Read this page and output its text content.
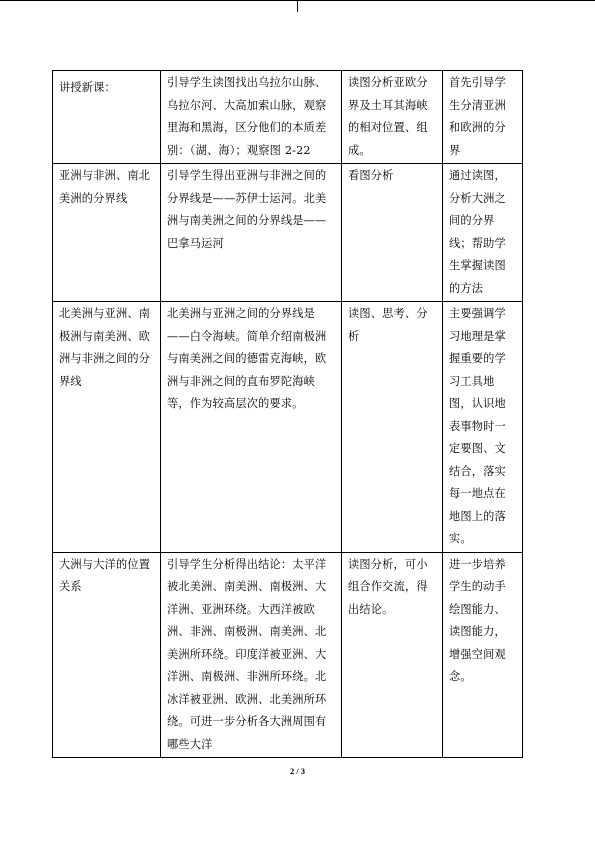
讲授新课：	引导学生读图找出乌拉尔山脉、乌拉尔河、大高加索山脉，观察里海和黑海，区分他们的本质差别：（湖、海）；观察图 2-22	读图分析亚欧分界及土耳其海峡的相对位置、组成。	首先引导学生分清亚洲和欧洲的分界
亚洲与非洲、南北美洲的分界线	引导学生得出亚洲与非洲之间的分界线是——苏伊士运河。北美洲与南美洲之间的分界线是——巴拿马运河	看图分析	通过读图，分析大洲之间的分界线；帮助学生掌握读图的方法
北美洲与亚洲、南极洲与南美洲、欧洲与非洲之间的分界线	北美洲与亚洲之间的分界线是——白令海峡。简单介绍南极洲与南美洲之间的德雷克海峡，欧洲与非洲之间的直布罗陀海峡等，作为较高层次的要求。	读图、思考、分析	主要强调学习地理是掌握重要的学习工具地图，认识地表事物时一定要图、文结合，落实每一地点在地图上的落实。
大洲与大洋的位置关系	引导学生分析得出结论：太平洋被北美洲、南美洲、南极洲、大洋洲、亚洲环绕。大西洋被欧洲、非洲、南极洲、南美洲、北美洲所环绕。印度洋被亚洲、大洋洲、南极洲、非洲所环绕。北冰洋被亚洲、欧洲、北美洲所环绕。可进一步分析各大洲周围有哪些大洋	读图分析，可小组合作交流，得出结论。	进一步培养学生的动手绘图能力、读图能力，增强空间观念。
2 / 3
